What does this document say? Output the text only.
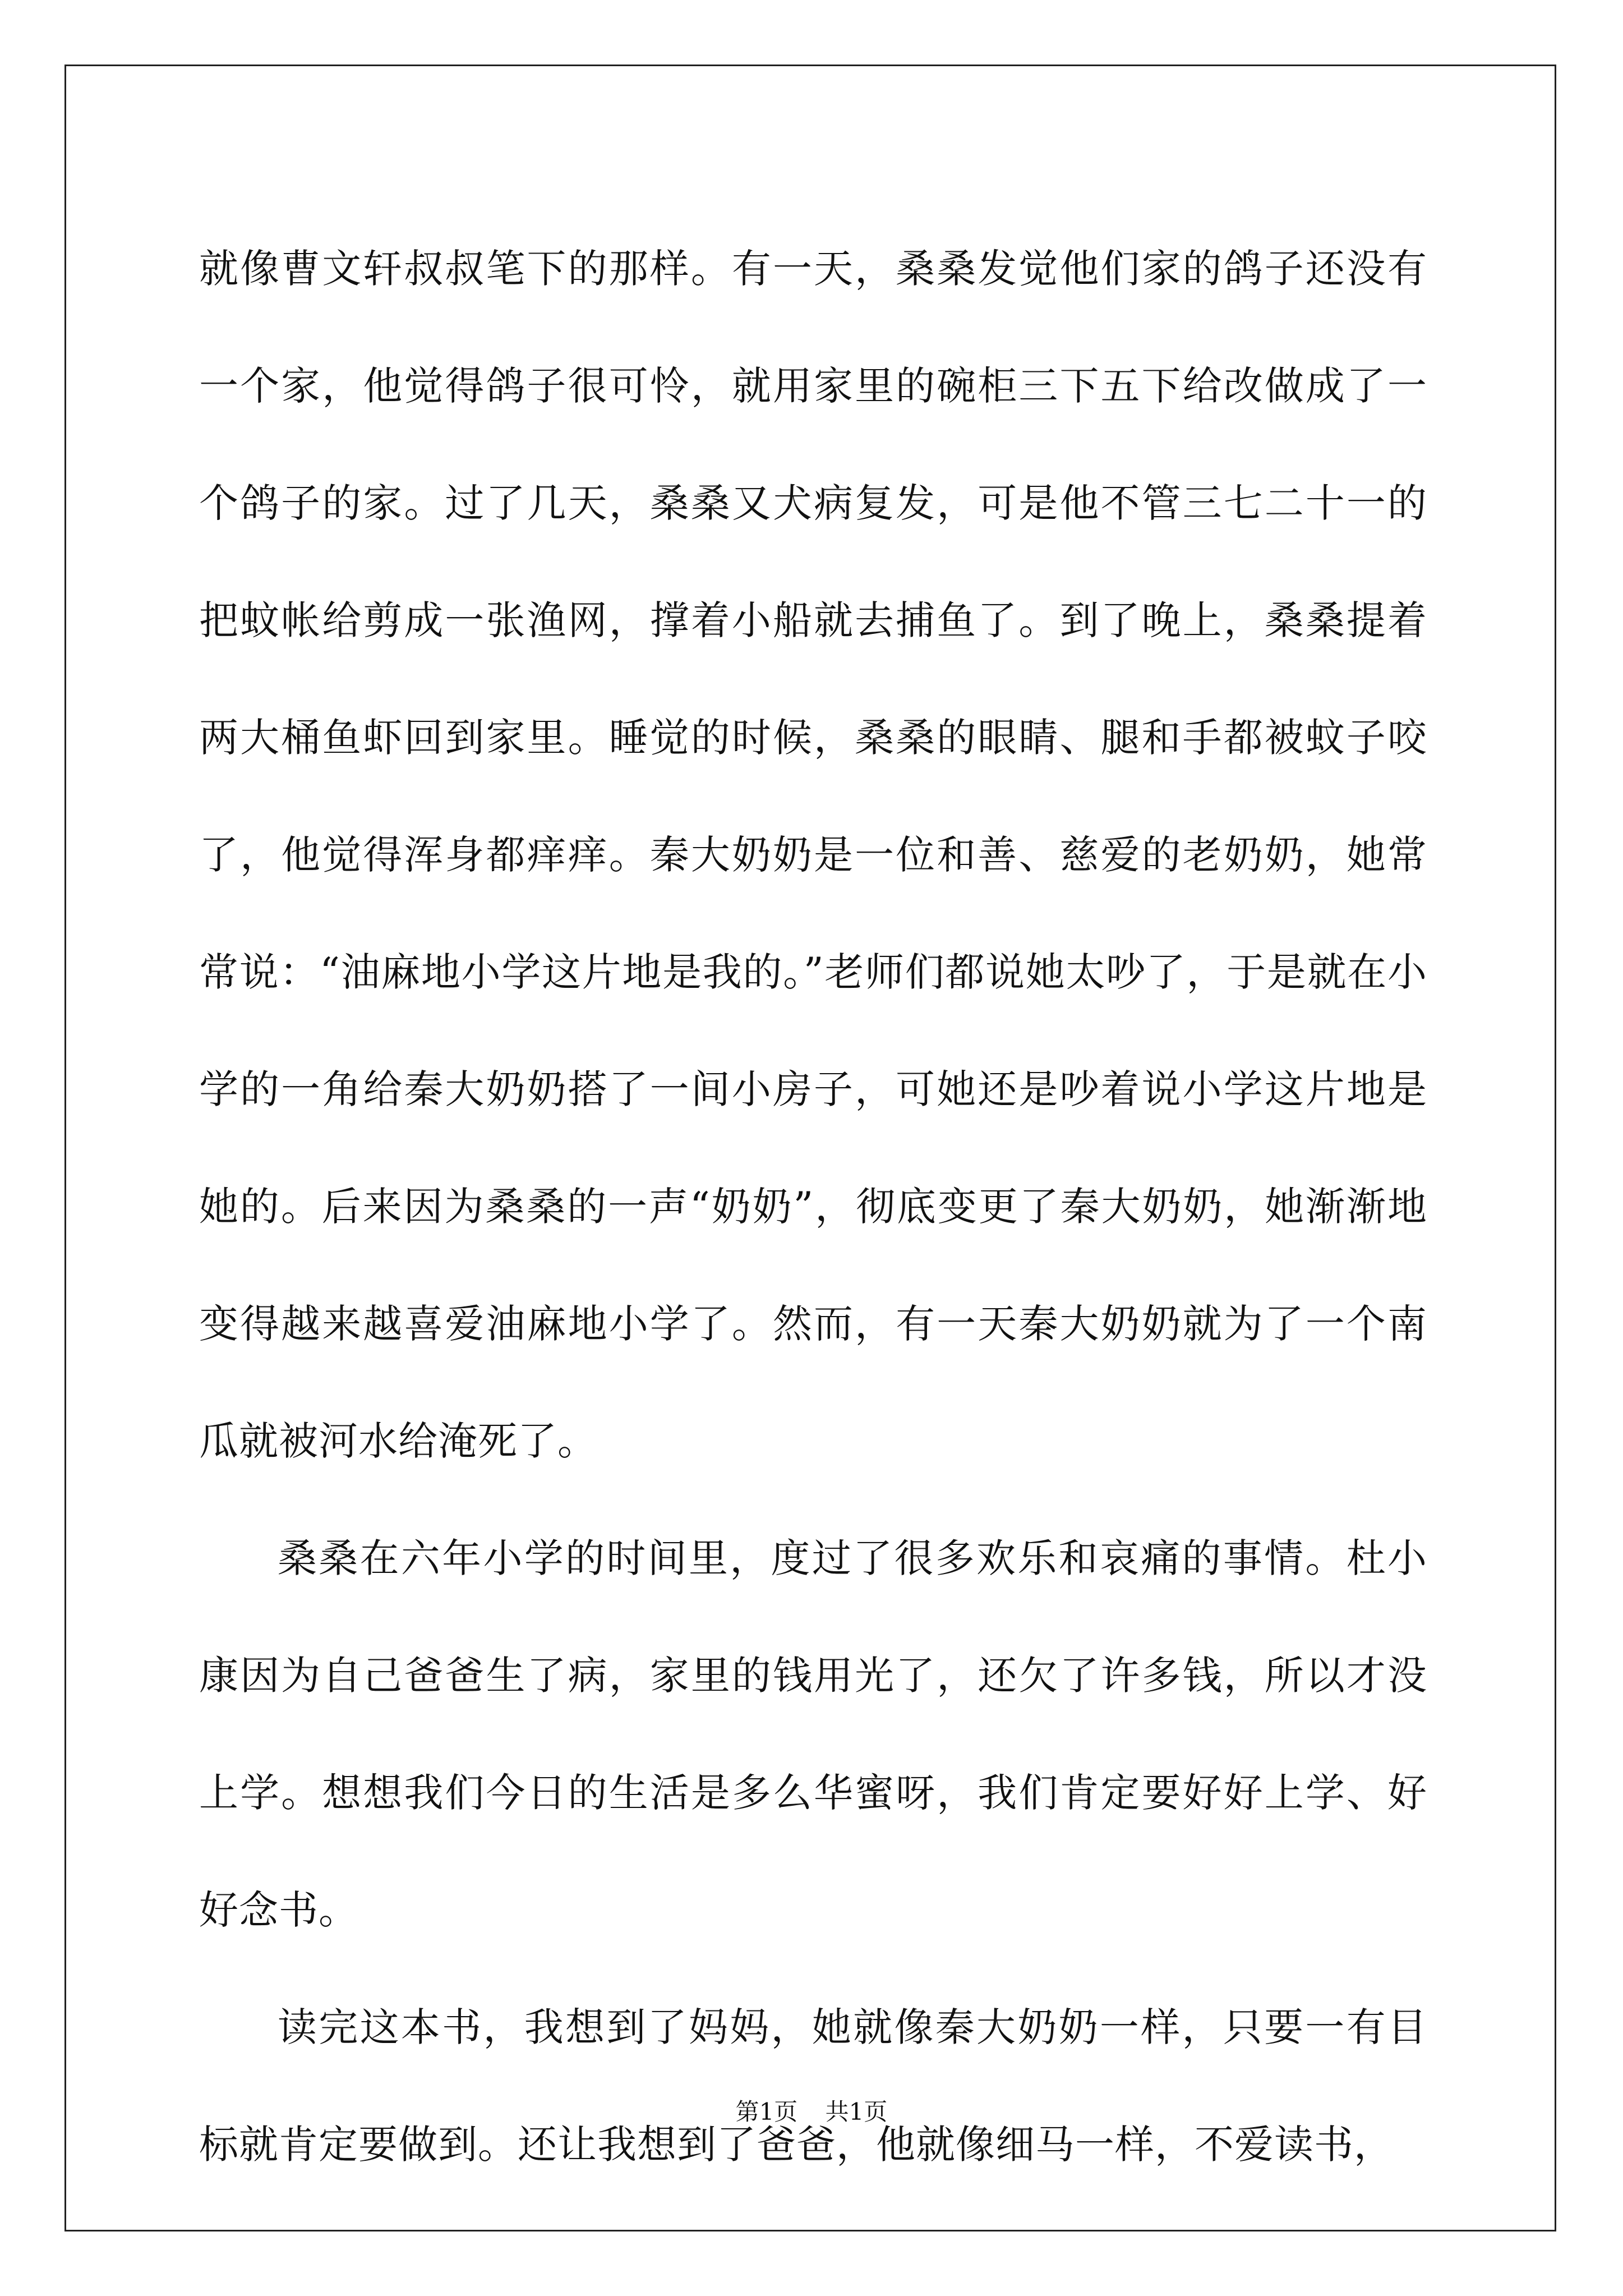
就像曹文轩叔叔笔下的那样。有一天，桑桑发觉他们家的鸽子还没有一个家，他觉得鸽子很可怜，就用家里的碗柜三下五下给改做成了一个鸽子的家。过了几天，桑桑又犬病复发，可是他不管三七二十一的把蚊帐给剪成一张渔网，撑着小船就去捕鱼了。到了晚上，桑桑提着两大桶鱼虾回到家里。睡觉的时候，桑桑的眼睛、腿和手都被蚊子咬了，他觉得浑身都痒痒。秦大奶奶是一位和善、慈爱的老奶奶，她常常说：“油麻地小学这片地是我的。”老师们都说她太吵了，于是就在小学的一角给秦大奶奶搭了一间小房子，可她还是吵着说小学这片地是她的。后来因为桑桑的一声“奶奶”，彻底变更了秦大奶奶，她渐渐地变得越来越喜爱油麻地小学了。然而，有一天秦大奶奶就为了一个南瓜就被河水给淹死了。

桑桑在六年小学的时间里，度过了很多欢乐和哀痛的事情。杜小康因为自己爸爸生了病，家里的钱用光了，还欠了许多钱，所以才没上学。想想我们今日的生活是多么华蜜呀，我们肯定要好好上学、好好念书。

读完这本书，我想到了妈妈，她就像秦大奶奶一样，只要一有目标就肯定要做到。还让我想到了爸爸，他就像细马一样，不爱读书，

第1页 共1页
